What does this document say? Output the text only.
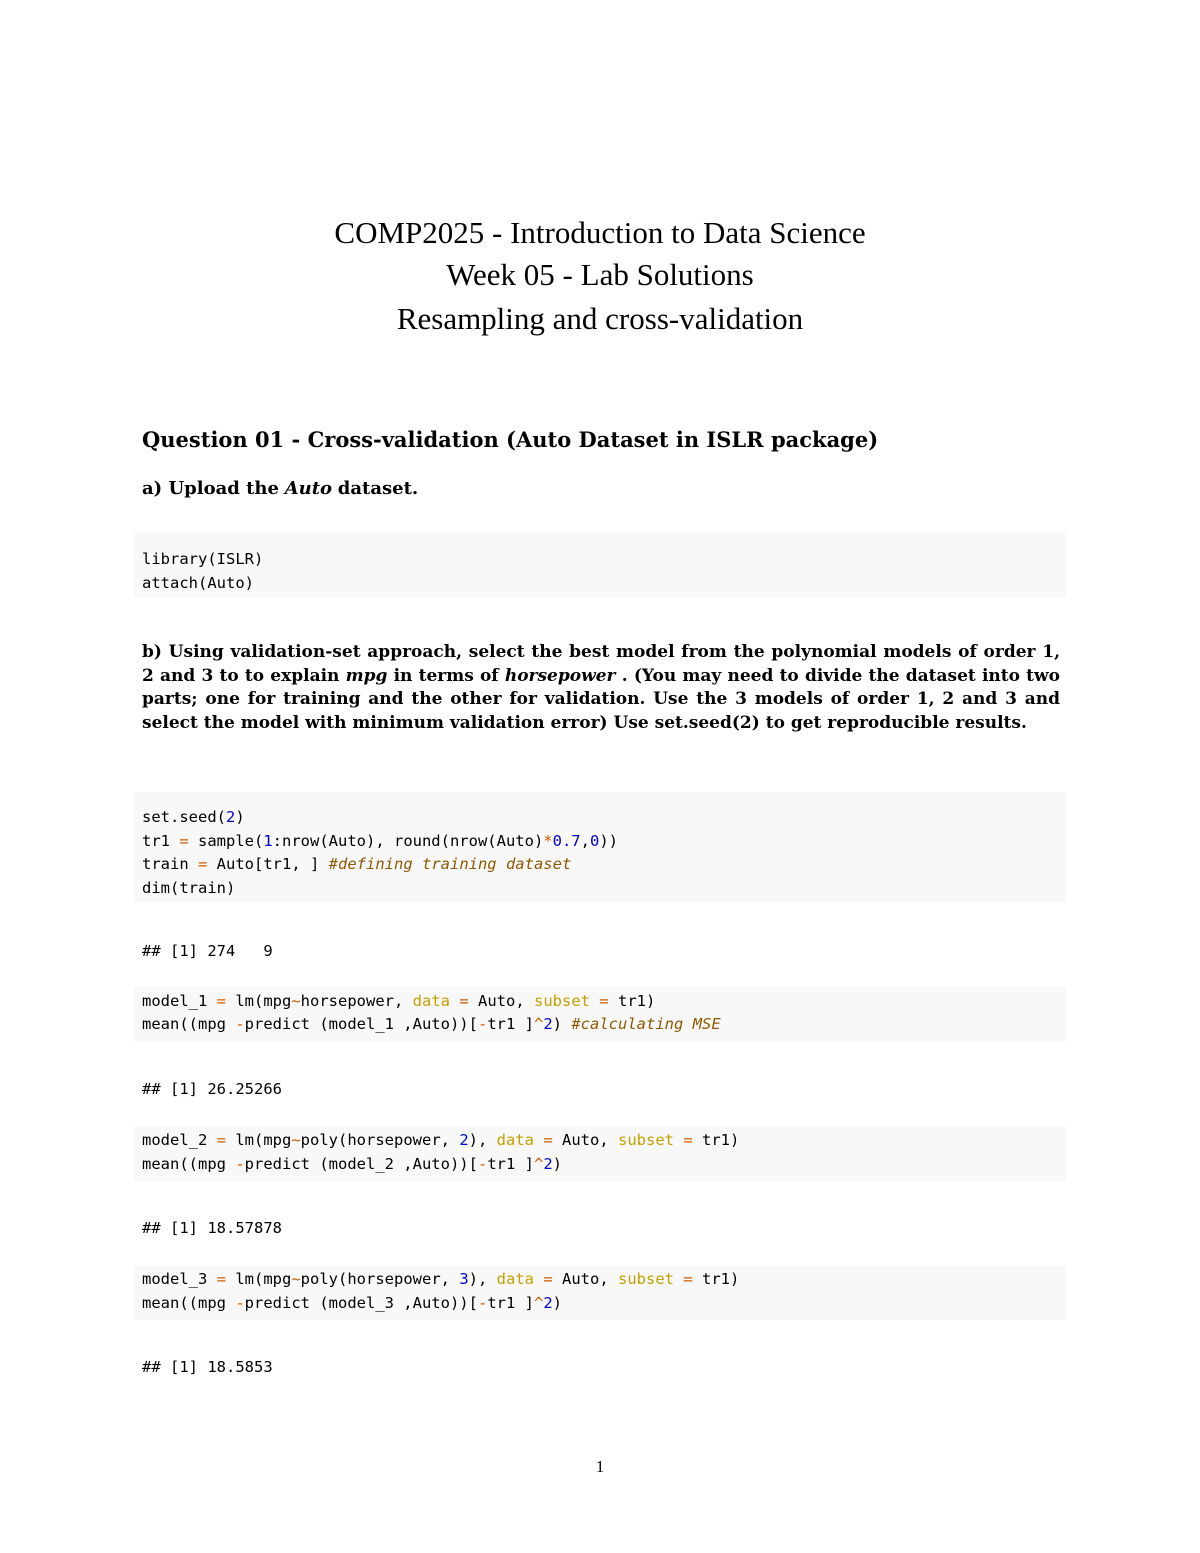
COMP2025 - Introduction to Data Science
Week 05 - Lab Solutions
Resampling and cross-validation
Question 01 - Cross-validation (Auto Dataset in ISLR package)
a) Upload the Auto dataset.
library(ISLR)
attach(Auto)
b) Using validation-set approach, select the best model from the polynomial models of order 1, 2 and 3 to to explain mpg in terms of horsepower . (You may need to divide the dataset into two parts; one for training and the other for validation. Use the 3 models of order 1, 2 and 3 and select the model with minimum validation error) Use set.seed(2) to get reproducible results.
set.seed(2)
tr1 = sample(1:nrow(Auto), round(nrow(Auto)*0.7,0))
train = Auto[tr1, ] #defining training dataset
dim(train)
## [1] 274   9
model_1 = lm(mpg~horsepower, data = Auto, subset = tr1)
mean((mpg -predict (model_1 ,Auto))[-tr1 ]^2) #calculating MSE
## [1] 26.25266
model_2 = lm(mpg~poly(horsepower, 2), data = Auto, subset = tr1)
mean((mpg -predict (model_2 ,Auto))[-tr1 ]^2)
## [1] 18.57878
model_3 = lm(mpg~poly(horsepower, 3), data = Auto, subset = tr1)
mean((mpg -predict (model_3 ,Auto))[-tr1 ]^2)
## [1] 18.5853
1
